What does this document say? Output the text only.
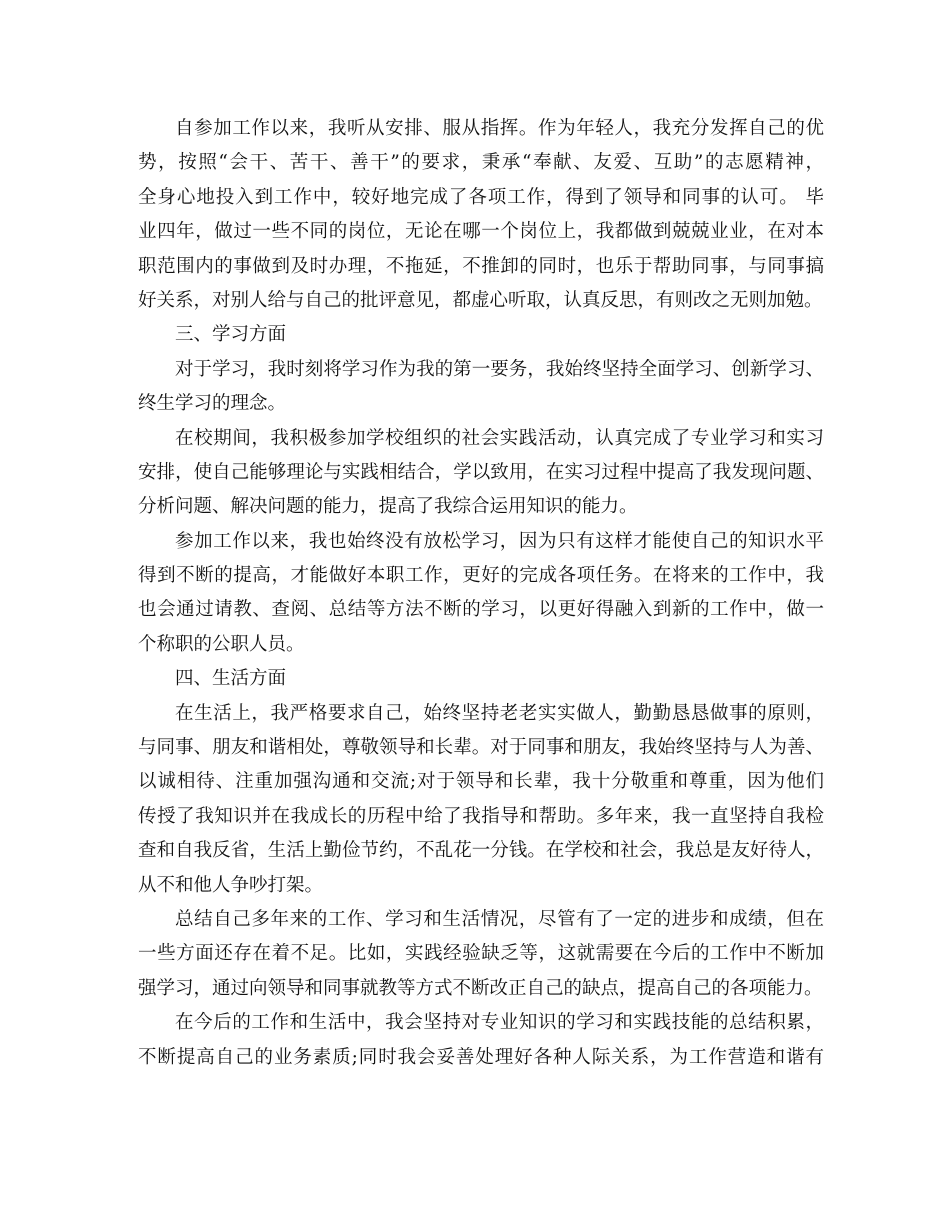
自参加工作以来，我听从安排、服从指挥。作为年轻人，我充分发挥自己的优
势，按照“会干、苦干、善干”的要求，秉承“奉献、友爱、互助”的志愿精神，
全身心地投入到工作中，较好地完成了各项工作，得到了领导和同事的认可。 毕
业四年，做过一些不同的岗位，无论在哪一个岗位上，我都做到兢兢业业，在对本
职范围内的事做到及时办理，不拖延，不推卸的同时，也乐于帮助同事，与同事搞
好关系，对别人给与自己的批评意见，都虚心听取，认真反思，有则改之无则加勉。
三、学习方面
对于学习，我时刻将学习作为我的第一要务，我始终坚持全面学习、创新学习、
终生学习的理念。
在校期间，我积极参加学校组织的社会实践活动，认真完成了专业学习和实习
安排，使自己能够理论与实践相结合，学以致用，在实习过程中提高了我发现问题、
分析问题、解决问题的能力，提高了我综合运用知识的能力。
参加工作以来，我也始终没有放松学习，因为只有这样才能使自己的知识水平
得到不断的提高，才能做好本职工作，更好的完成各项任务。在将来的工作中，我
也会通过请教、查阅、总结等方法不断的学习，以更好得融入到新的工作中，做一
个称职的公职人员。
四、生活方面
在生活上，我严格要求自己，始终坚持老老实实做人，勤勤恳恳做事的原则，
与同事、朋友和谐相处，尊敬领导和长辈。对于同事和朋友，我始终坚持与人为善、
以诚相待、注重加强沟通和交流;对于领导和长辈，我十分敬重和尊重，因为他们
传授了我知识并在我成长的历程中给了我指导和帮助。多年来，我一直坚持自我检
查和自我反省，生活上勤俭节约，不乱花一分钱。在学校和社会，我总是友好待人，
从不和他人争吵打架。
总结自己多年来的工作、学习和生活情况，尽管有了一定的进步和成绩，但在
一些方面还存在着不足。比如，实践经验缺乏等，这就需要在今后的工作中不断加
强学习，通过向领导和同事就教等方式不断改正自己的缺点，提高自己的各项能力。
在今后的工作和生活中，我会坚持对专业知识的学习和实践技能的总结积累，
不断提高自己的业务素质;同时我会妥善处理好各种人际关系，为工作营造和谐有
